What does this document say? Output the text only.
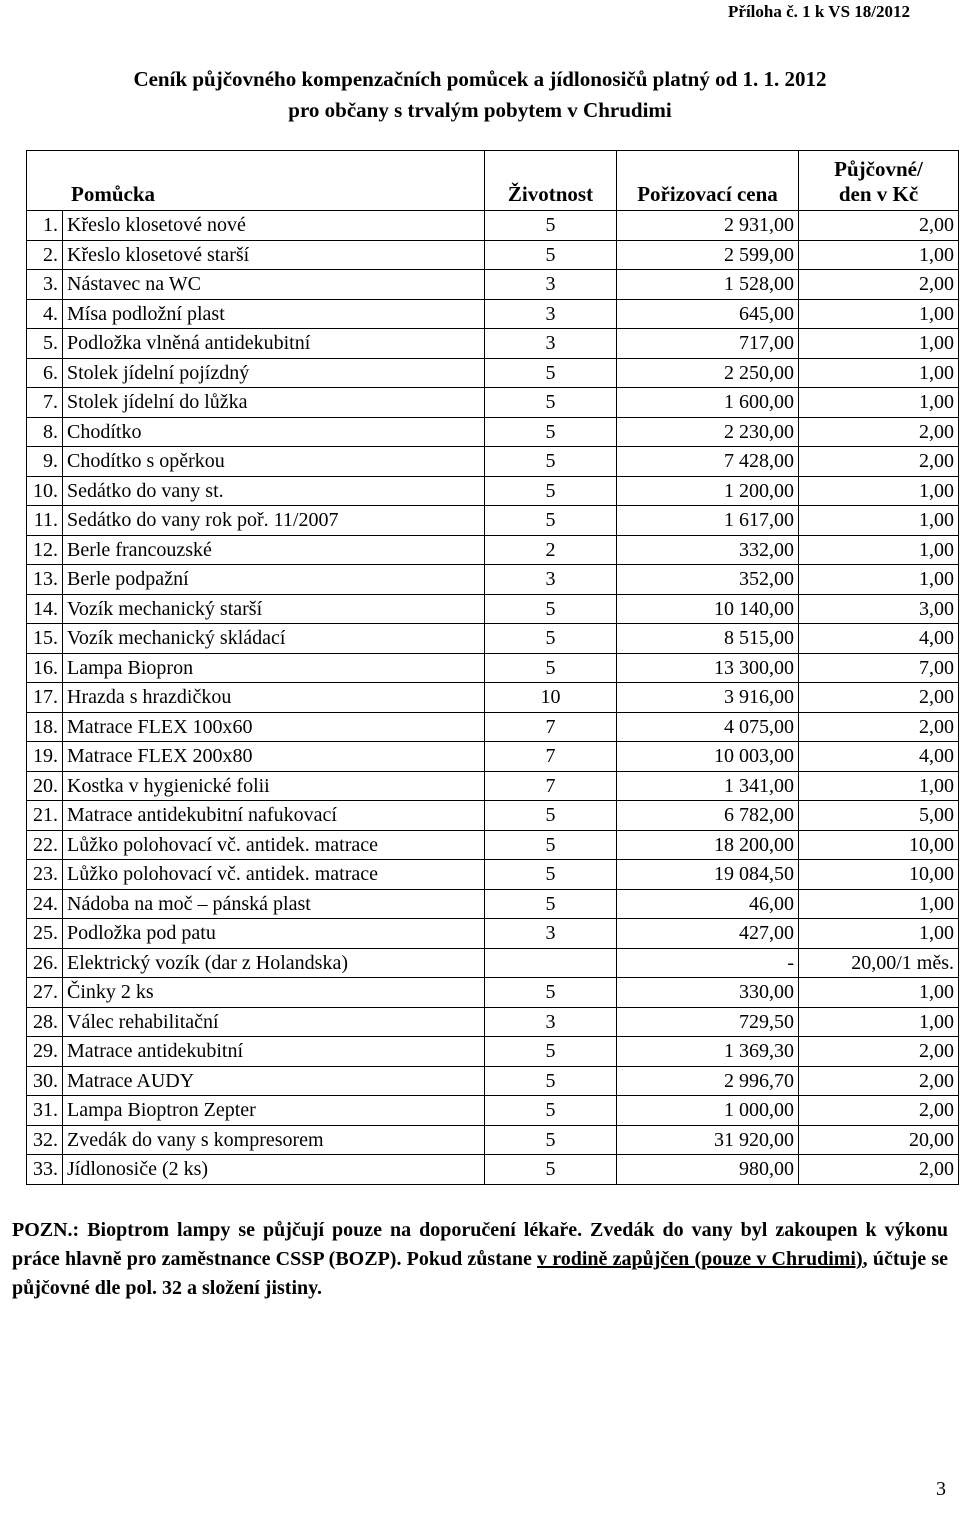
Příloha č. 1 k VS 18/2012
Ceník půjčovného kompenzačních pomůcek a jídlonosičů platný od 1. 1. 2012
pro občany s trvalým pobytem v Chrudimi
Pomůcka		Životnost	Pořizovací cena	Půjčovné/
den v Kč

1.	Křeslo klosetové nové	5	2 931,00	2,00
2.	Křeslo klosetové starší	5	2 599,00	1,00
3.	Nástavec na WC	3	1 528,00	2,00
4.	Mísa podložní plast	3	645,00	1,00
5.	Podložka vlněná antidekubitní	3	717,00	1,00
6.	Stolek jídelní pojízdný	5	2 250,00	1,00
7.	Stolek jídelní do lůžka	5	1 600,00	1,00
8.	Chodítko	5	2 230,00	2,00
9.	Chodítko s opěrkou	5	7 428,00	2,00
10.	Sedátko do vany st.	5	1 200,00	1,00
11.	Sedátko do vany rok poř. 11/2007	5	1 617,00	1,00
12.	Berle francouzské	2	332,00	1,00
13.	Berle podpažní	3	352,00	1,00
14.	Vozík mechanický starší	5	10 140,00	3,00
15.	Vozík mechanický skládací	5	8 515,00	4,00
16.	Lampa Biopron	5	13 300,00	7,00
17.	Hrazda s hrazdičkou	10	3 916,00	2,00
18.	Matrace FLEX 100x60	7	4 075,00	2,00
19.	Matrace FLEX 200x80	7	10 003,00	4,00
20.	Kostka v hygienické folii	7	1 341,00	1,00
21.	Matrace antidekubitní nafukovací	5	6 782,00	5,00
22.	Lůžko polohovací vč. antidek. matrace	5	18 200,00	10,00
23.	Lůžko polohovací vč. antidek. matrace	5	19 084,50	10,00
24.	Nádoba na moč – pánská plast	5	46,00	1,00
25.	Podložka pod patu	3	427,00	1,00
26.	Elektrický vozík (dar z Holandska)		-	20,00/1 měs.
27.	Činky 2 ks	5	330,00	1,00
28.	Válec rehabilitační	3	729,50	1,00
29.	Matrace antidekubitní	5	1 369,30	2,00
30.	Matrace AUDY	5	2 996,70	2,00
31.	Lampa Bioptron Zepter	5	1 000,00	2,00
32.	Zvedák do vany s kompresorem	5	31 920,00	20,00
33.	Jídlonosiče (2 ks)	5	980,00	2,00
POZN.: Bioptrom lampy se půjčují pouze na doporučení lékaře. Zvedák do vany byl zakoupen k výkonu práce hlavně pro zaměstnance CSSP (BOZP). Pokud zůstane v rodině zapůjčen (pouze v Chrudimi), účtuje se půjčovné dle pol. 32 a složení jistiny.
3
